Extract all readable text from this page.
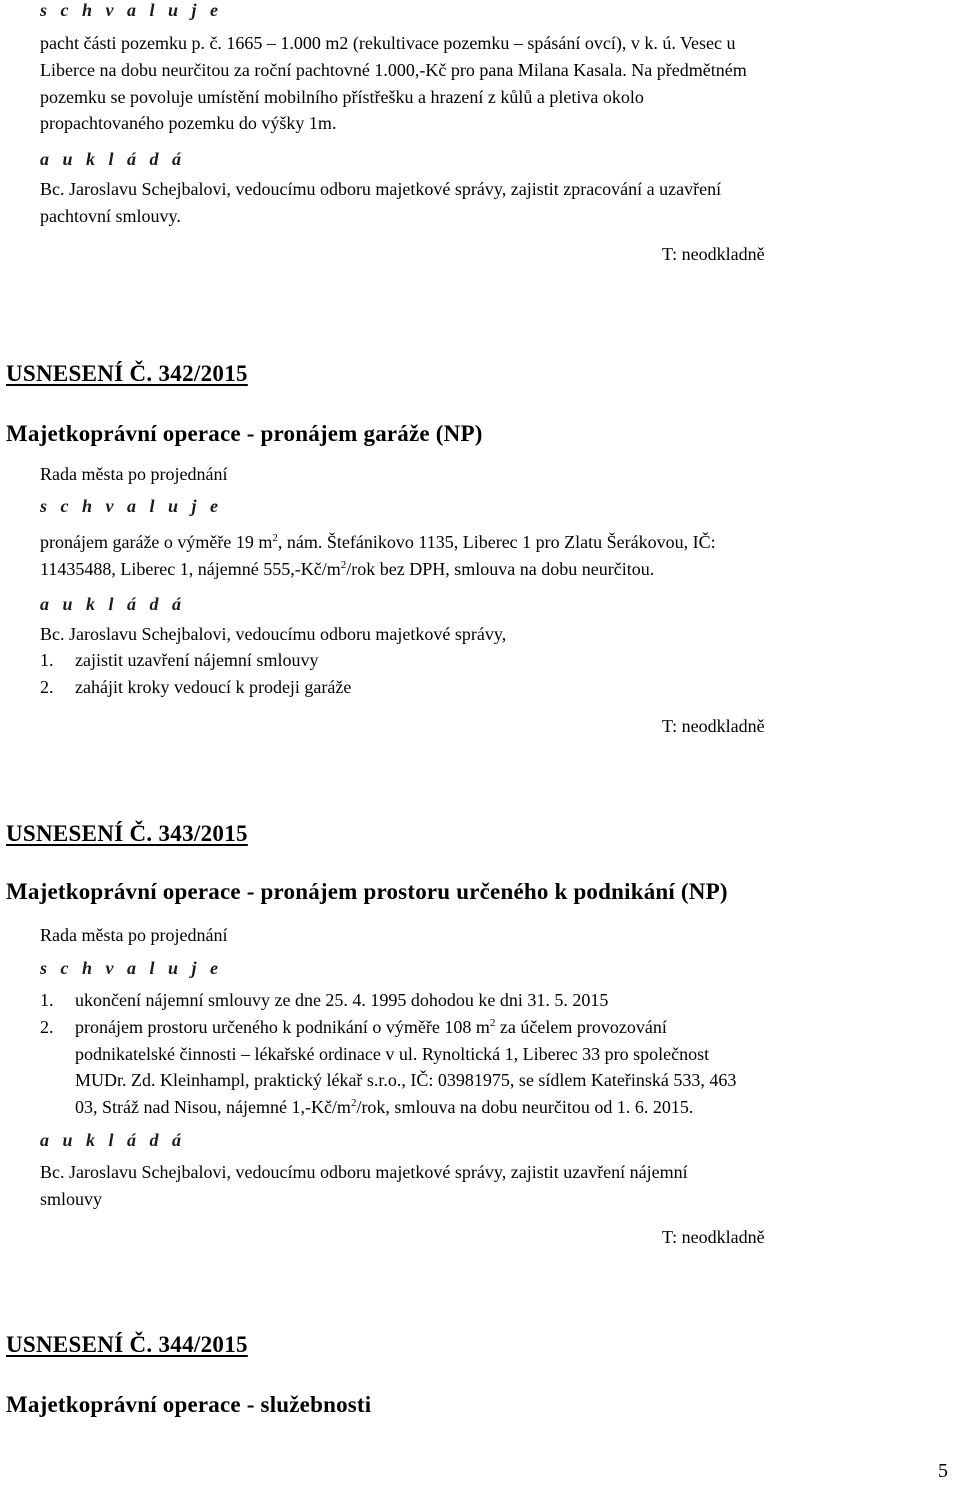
s c h v a l u j e
pacht části pozemku p. č. 1665 – 1.000 m2 (rekultivace pozemku – spásání ovcí), v k. ú. Vesec u
Liberce na dobu neurčitou za roční pachtovné 1.000,-Kč pro pana Milana Kasala. Na předmětném
pozemku se povoluje umístění mobilního přístřešku a hrazení z kůlů a pletiva okolo
propachtovaného pozemku do výšky 1m.
a u k l á d á
Bc. Jaroslavu Schejbalovi, vedoucímu odboru majetkové správy, zajistit zpracování a uzavření
pachtovní smlouvy.
T: neodkladně
USNESENÍ Č. 342/2015
Majetkoprávní operace - pronájem garáže (NP)
Rada města po projednání
s c h v a l u j e
pronájem garáže o výměře 19 $m^2$, nám. Štefánikovo 1135, Liberec 1 pro Zlatu Šerákovou, IČ:
11435488, Liberec 1, nájemné $555,-Kč/m^2$/rok bez DPH, smlouva na dobu neurčitou.
a u k l á d á
Bc. Jaroslavu Schejbalovi, vedoucímu odboru majetkové správy,
1. zajistit uzavření nájemní smlouvy
2. zahájit kroky vedoucí k prodeji garáže
T: neodkladně
USNESENÍ Č. 343/2015
Majetkoprávní operace - pronájem prostoru určeného k podnikání (NP)
Rada města po projednání
s c h v a l u j e
1. ukončení nájemní smlouvy ze dne 25. 4. 1995 dohodou ke dni 31. 5. 2015
2. pronájem prostoru určeného k podnikání o výměře 108 $m^2$ za účelem provozování
podnikatelské činnosti – lékařské ordinace v ul. Rynoltická 1, Liberec 33 pro společnost
MUDr. Zd. Kleinhampl, praktický lékař s.r.o., IČ: 03981975, se sídlem Kateřinská 533, 463
03, Stráž nad Nisou, nájemné $1,-Kč/m^2$/rok, smlouva na dobu neurčitou od 1. 6. 2015.
a u k l á d á
Bc. Jaroslavu Schejbalovi, vedoucímu odboru majetkové správy, zajistit uzavření nájemní
smlouvy
T: neodkladně
USNESENÍ Č. 344/2015
Majetkoprávní operace - služebnosti
5
